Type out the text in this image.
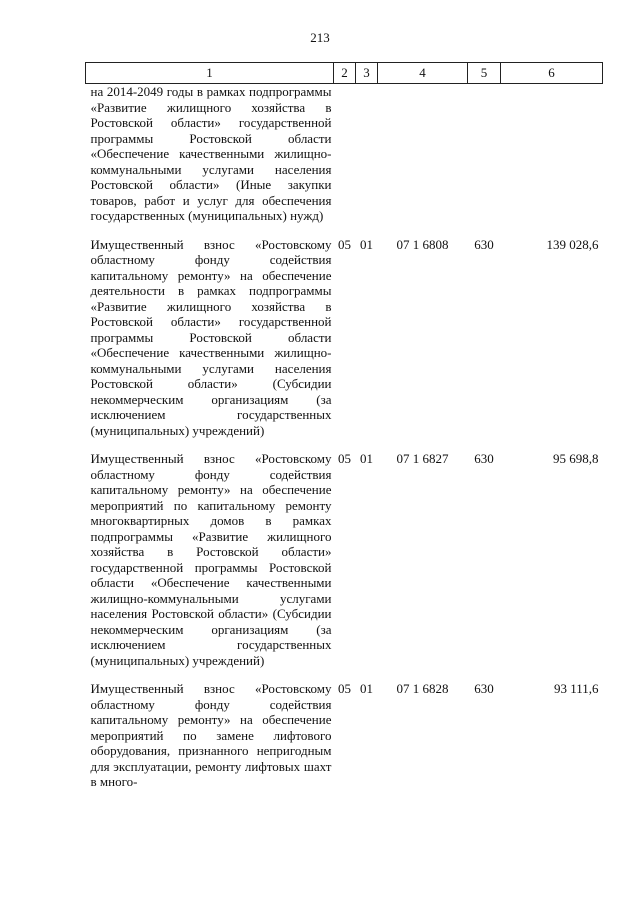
213
1	2	3	4	5	6
на 2014-2049 годы в рамках подпрограммы «Развитие жилищного хозяйства в Ростовской области» государственной программы Ростовской области «Обеспечение качественными жилищно-коммунальными услугами населения Ростовской области» (Иные закупки товаров, работ и услуг для обеспечения государственных (муниципальных) нужд)					
Имущественный взнос «Ростовскому областному фонду содействия капитальному ремонту» на обеспечение деятельности в рамках подпрограммы «Развитие жилищного хозяйства в Ростовской области» государственной программы Ростовской области «Обеспечение качественными жилищно-коммунальными услугами населения Ростовской области» (Субсидии некоммерческим организациям (за исключением государственных (муниципальных) учреждений)	05	01	07 1 6808	630	139 028,6
Имущественный взнос «Ростовскому областному фонду содействия капитальному ремонту» на обеспечение мероприятий по капитальному ремонту многоквартирных домов в рамках подпрограммы «Развитие жилищного хозяйства в Ростовской области» государственной программы Ростовской области «Обеспечение качественными жилищно-коммунальными услугами населения Ростовской области» (Субсидии некоммерческим организациям (за исключением государственных (муниципальных) учреждений)	05	01	07 1 6827	630	95 698,8
Имущественный взнос «Ростовскому областному фонду содействия капитальному ремонту» на обеспечение мероприятий по замене лифтового оборудования, признанного непригодным для эксплуатации, ремонту лифтовых шахт в много-	05	01	07 1 6828	630	93 111,6
